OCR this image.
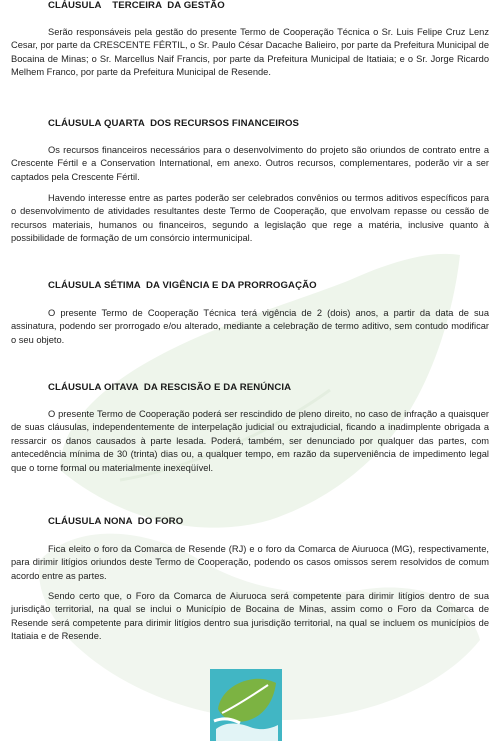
CLÁUSULA    TERCEIRA  DA GESTÃO

Serão responsáveis pela gestão do presente Termo de Cooperação Técnica o Sr. Luis Felipe Cruz Lenz Cesar, por parte da CRESCENTE FÉRTIL, o Sr. Paulo César Dacache Balieiro, por parte da Prefeitura Municipal de Bocaina de Minas; o Sr. Marcellus Naif Francis, por parte da Prefeitura Municipal de Itatiaia; e o Sr. Jorge Ricardo Melhem Franco, por parte da Prefeitura Municipal de Resende.

CLÁUSULA QUARTA  DOS RECURSOS FINANCEIROS

Os recursos financeiros necessários para o desenvolvimento do projeto são oriundos de contrato entre a Crescente Fértil e a Conservation International, em anexo. Outros recursos, complementares, poderão vir a ser captados pela Crescente Fértil.

Havendo interesse entre as partes poderão ser celebrados convênios ou termos aditivos específicos para o desenvolvimento de atividades resultantes deste Termo de Cooperação, que envolvam repasse ou cessão de recursos materiais, humanos ou financeiros, segundo a legislação que rege a matéria, inclusive quanto à possibilidade de formação de um consórcio intermunicipal.

CLÁUSULA SÉTIMA  DA VIGÊNCIA E DA PRORROGAÇÃO

O presente Termo de Cooperação Técnica terá vigência de 2 (dois) anos, a partir da data de sua assinatura, podendo ser prorrogado e/ou alterado, mediante a celebração de termo aditivo, sem contudo modificar o seu objeto.

CLÁUSULA OITAVA  DA RESCISÃO E DA RENÚNCIA

O presente Termo de Cooperação poderá ser rescindido de pleno direito, no caso de infração a quaisquer de suas cláusulas, independentemente de interpelação judicial ou extrajudicial, ficando a inadimplente obrigada a ressarcir os danos causados à parte lesada. Poderá, também, ser denunciado por qualquer das partes, com antecedência mínima de 30 (trinta) dias ou, a qualquer tempo, em razão da superveniência de impedimento legal que o torne formal ou materialmente inexeqüível.

CLÁUSULA NONA  DO FORO

Fica eleito o foro da Comarca de Resende (RJ) e o foro da Comarca de Aiuruoca (MG), respectivamente, para dirimir litígios oriundos deste Termo de Cooperação, podendo os casos omissos serem resolvidos de comum acordo entre as partes.

Sendo certo que, o Foro da Comarca de Aiuruoca será competente para dirimir litígios dentro de sua jurisdição territorial, na qual se inclui o Município de Bocaina de Minas, assim como o Foro da Comarca de Resende será competente para dirimir litígios dentro sua jurisdição territorial, na qual se incluem os municípios de Itatiaia e de Resende.
